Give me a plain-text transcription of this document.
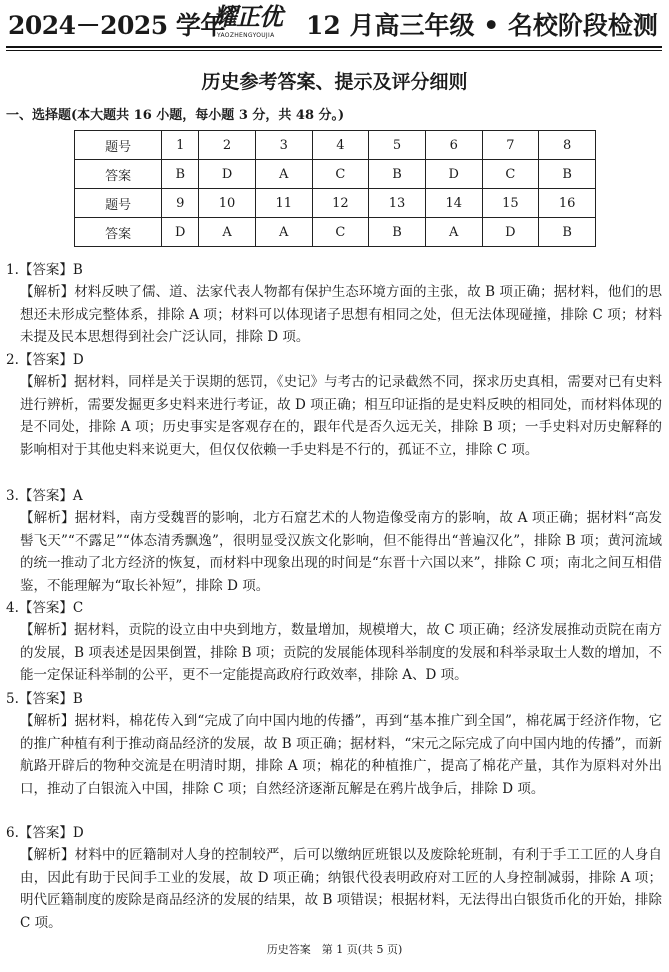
2024－2025 学年
耀正优
YAOZHENGYOUJIA	12 月高三年级 • 名校阶段检测
历史参考答案、提示及评分细则
一、选择题(本大题共 16 小题，每小题 3 分，共 48 分。)
题号	1	2	3	4	5	6	7	8
答案	B	D	A	C	B	D	C	B
题号	9	10	11	12	13	14	15	16
答案	D	A	A	C	B	A	D	B
1.【答案】B
【解析】材料反映了儒、道、法家代表人物都有保护生态环境方面的主张，故 B 项正确；据材料，他们的思想还未形成完整体系，排除 A 项；材料可以体现诸子思想有相同之处，但无法体现碰撞，排除 C 项；材料未提及民本思想得到社会广泛认同，排除 D 项。
2.【答案】D
【解析】据材料，同样是关于误期的惩罚，《史记》与考古的记录截然不同，探求历史真相，需要对已有史料进行辨析，需要发掘更多史料来进行考证，故 D 项正确；相互印证指的是史料反映的相同处，而材料体现的是不同处，排除 A 项；历史事实是客观存在的，跟年代是否久远无关，排除 B 项；一手史料对历史解释的影响相对于其他史料来说更大，但仅仅依赖一手史料是不行的，孤证不立，排除 C 项。
3.【答案】A
【解析】据材料，南方受魏晋的影响，北方石窟艺术的人物造像受南方的影响，故 A 项正确；据材料“高发髻飞天”“不露足”“体态清秀飘逸”，很明显受汉族文化影响，但不能得出“普遍汉化”，排除 B 项；黄河流域的统一推动了北方经济的恢复，而材料中现象出现的时间是“东晋十六国以来”，排除 C 项；南北之间互相借鉴，不能理解为“取长补短”，排除 D 项。
4.【答案】C
【解析】据材料，贡院的设立由中央到地方，数量增加，规模增大，故 C 项正确；经济发展推动贡院在南方的发展，B 项表述是因果倒置，排除 B 项；贡院的发展能体现科举制度的发展和科举录取士人数的增加，不能一定保证科举制的公平，更不一定能提高政府行政效率，排除 A、D 项。
5.【答案】B
【解析】据材料，棉花传入到“完成了向中国内地的传播”，再到“基本推广到全国”，棉花属于经济作物，它的推广种植有利于推动商品经济的发展，故 B 项正确；据材料，“宋元之际完成了向中国内地的传播”，而新航路开辟后的物种交流是在明清时期，排除 A 项；棉花的种植推广，提高了棉花产量，其作为原料对外出口，推动了白银流入中国，排除 C 项；自然经济逐渐瓦解是在鸦片战争后，排除 D 项。
6.【答案】D
【解析】材料中的匠籍制对人身的控制较严，后可以缴纳匠班银以及废除轮班制，有利于手工工匠的人身自由，因此有助于民间手工业的发展，故 D 项正确；纳银代役表明政府对工匠的人身控制减弱，排除 A 项；明代匠籍制度的废除是商品经济的发展的结果，故 B 项错误；根据材料，无法得出白银货币化的开始，排除 C 项。
历史答案　第 1 页(共 5 页)
